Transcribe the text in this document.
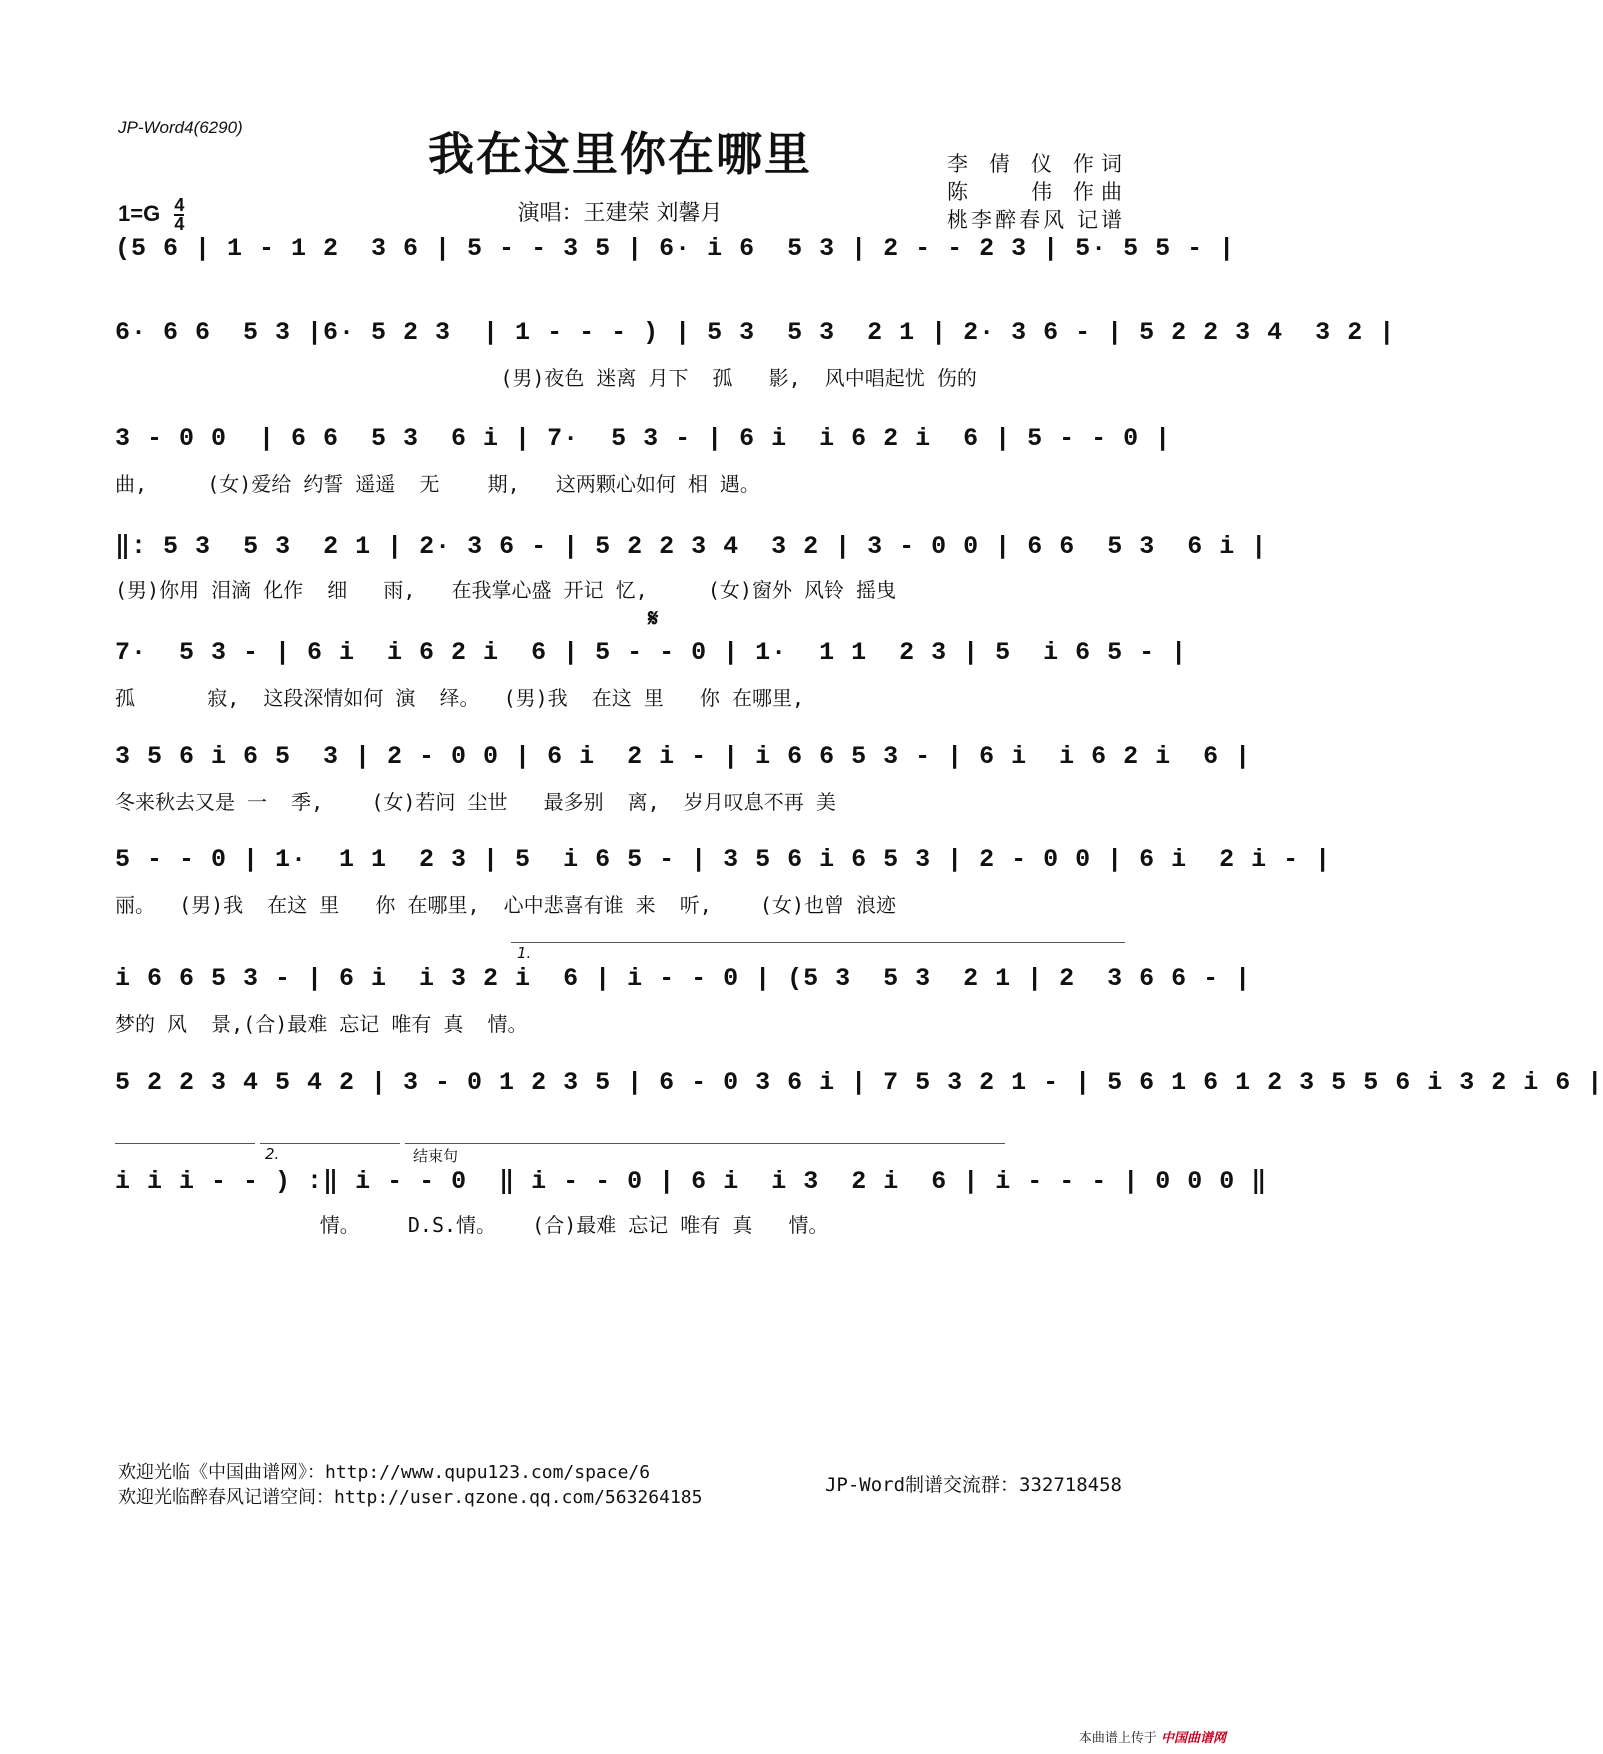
JP-Word4(6290)	我在这里你在哪里	李 倩 仪 作词
陈　　伟 作曲
桃李醉春风 记谱
$1=G \frac{4}{4}$	演唱：王建荣 刘馨月
(5 6 | 1 - 1 2  3 6 | 5 - - 3 5 | 6· i 6  5 3 | 2 - - 2 3 | 5· 5 5 - |
6· 6 6  5 3 |6· 5 2 3  | 1 - - - ) | 5 3  5 3  2 1 | 2· 3 6 - | 5 2 2 3 4  3 2 |
(男)夜色 迷离 月下  孤   影,  风中唱起忧 伤的
3 - 0 0  | 6 6  5 3  6 i | 7·  5 3 - | 6 i  i 6 2 i  6 | 5 - - 0 |
曲,     (女)爱给 约誓 遥遥  无    期,   这两颗心如何 相 遇。
‖: 5 3  5 3  2 1 | 2· 3 6 - | 5 2 2 3 4  3 2 | 3 - 0 0 | 6 6  5 3  6 i |
(男)你用 泪滴 化作  细   雨,   在我掌心盛 开记 忆,     (女)窗外 风铃 摇曳
𝄋
7·  5 3 - | 6 i  i 6 2 i  6 | 5 - - 0 | 1·  1 1  2 3 | 5  i 6 5 - |
孤      寂,  这段深情如何 演  绎。  (男)我  在这 里   你 在哪里,
3 5 6 i 6 5  3 | 2 - 0 0 | 6 i  2 i - | i 6 6 5 3 - | 6 i  i 6 2 i  6 |
冬来秋去又是 一  季,    (女)若问 尘世   最多别  离,  岁月叹息不再 美
5 - - 0 | 1·  1 1  2 3 | 5  i 6 5 - | 3 5 6 i 6 5 3 | 2 - 0 0 | 6 i  2 i - |
丽。  (男)我  在这 里   你 在哪里,  心中悲喜有谁 来  听,    (女)也曾 浪迹
1.
i 6 6 5 3 - | 6 i  i 3 2 i  6 | i - - 0 | (5 3  5 3  2 1 | 2  3 6 6 - |
梦的 风  景,(合)最难 忘记 唯有 真  情。
5 2 2 3 4 5 4 2 | 3 - 0 1 2 3 5 | 6 - 0 3 6 i | 7 5 3 2 1 - | 5 6 1 6 1 2 3 5 5 6 i 3 2 i 6 |
2.	结束句
i i i - - ) :‖ i - - 0  ‖ i - - 0 | 6 i  i 3  2 i  6 | i - - - | 0 0 0 ‖
情。    D.S.情。   (合)最难 忘记 唯有 真   情。
欢迎光临《中国曲谱网》：http://www.qupu123.com/space/6
欢迎光临醉春风记谱空间：http://user.qzone.qq.com/563264185
JP-Word制谱交流群：332718458
本曲谱上传于 中国曲谱网
